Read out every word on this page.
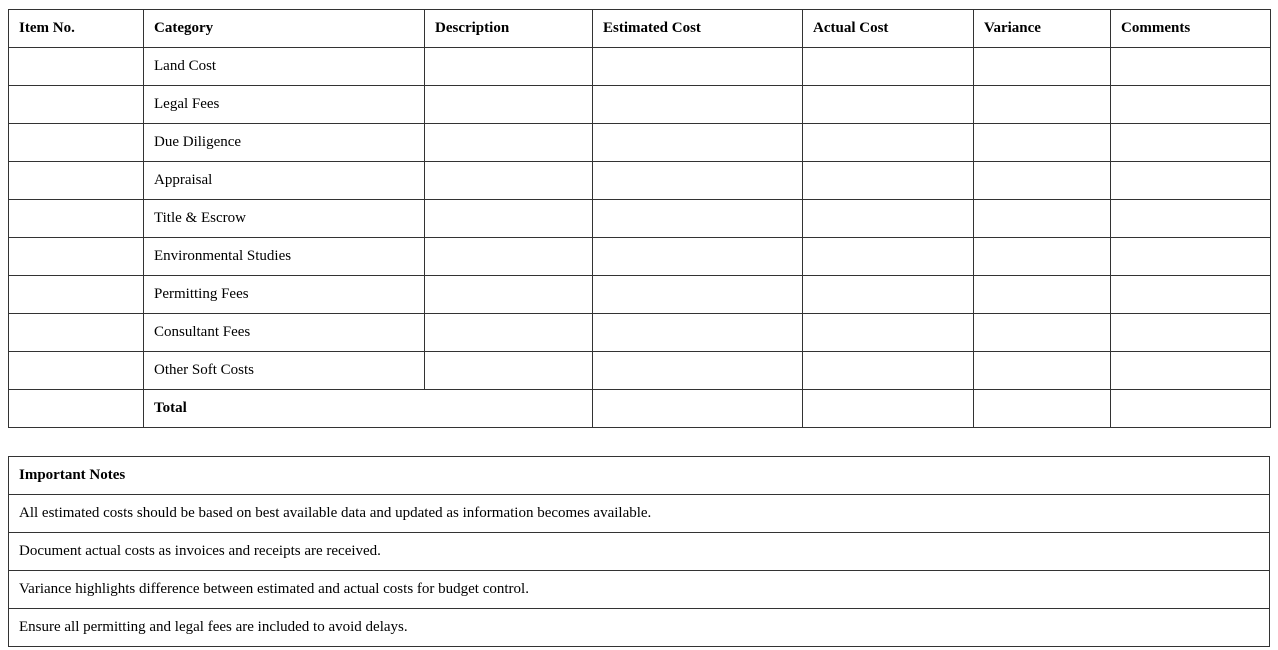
Item No.	Category	Description	Estimated Cost	Actual Cost	Variance	Comments
	Land Cost					
	Legal Fees					
	Due Diligence					
	Appraisal					
	Title & Escrow					
	Environmental Studies					
	Permitting Fees					
	Consultant Fees					
	Other Soft Costs					
	Total					
Important Notes
All estimated costs should be based on best available data and updated as information becomes available.
Document actual costs as invoices and receipts are received.
Variance highlights difference between estimated and actual costs for budget control.
Ensure all permitting and legal fees are included to avoid delays.
